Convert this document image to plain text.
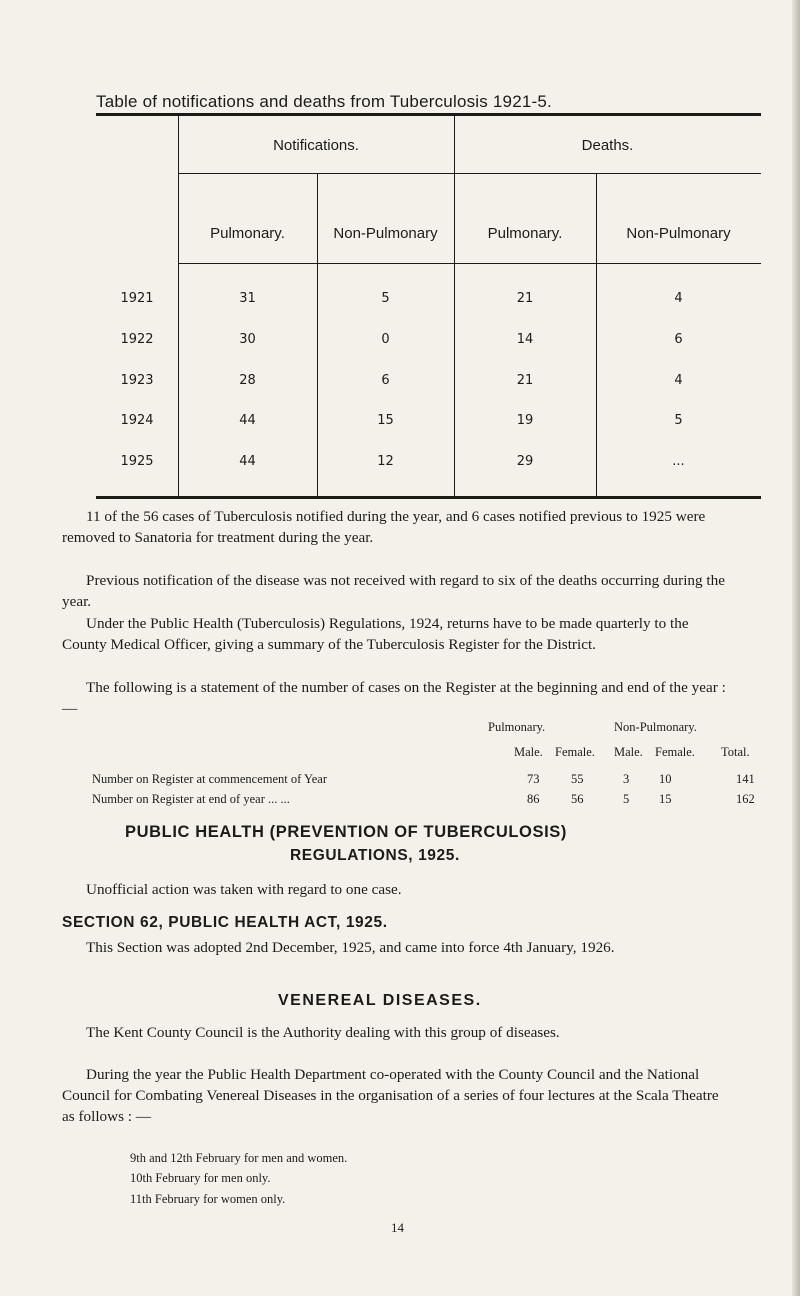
Table of notifications and deaths from Tuberculosis 1921-5.
Notifications.	Deaths.
Pulmonary.	Non-Pulmonary	Pulmonary.	Non-Pulmonary
1921	31	5	21	4
1922	30	0	14	6
1923	28	6	21	4
1924	44	15	19	5
1925	44	12	29	...
11 of the 56 cases of Tuberculosis notified during the year, and 6 cases notified previous to 1925 were removed to Sanatoria for treatment during the year.
Previous notification of the disease was not received with regard to six of the deaths occurring during the year.
Under the Public Health (Tuberculosis) Regulations, 1924, returns have to be made quarterly to the County Medical Officer, giving a summary of the Tuberculosis Register for the District.
The following is a statement of the number of cases on the Register at the beginning and end of the year :—
Pulmonary.	Non-Pulmonary.
Male. Female. Male. Female. Total.
Number on Register at commencement of Year	73	55	3 10	141
Number on Register at end of year ... ...	86	56	5 15	162
PUBLIC HEALTH (PREVENTION OF TUBERCULOSIS)
REGULATIONS, 1925.
Unofficial action was taken with regard to one case.
SECTION 62, PUBLIC HEALTH ACT, 1925.
This Section was adopted 2nd December, 1925, and came into force 4th January, 1926.
VENEREAL DISEASES.
The Kent County Council is the Authority dealing with this group of diseases.
During the year the Public Health Department co-operated with the County Council and the National Council for Combating Venereal Diseases in the organisation of a series of four lectures at the Scala Theatre as follows : —
9th and 12th February for men and women.
10th February for men only.
11th February for women only.
14
